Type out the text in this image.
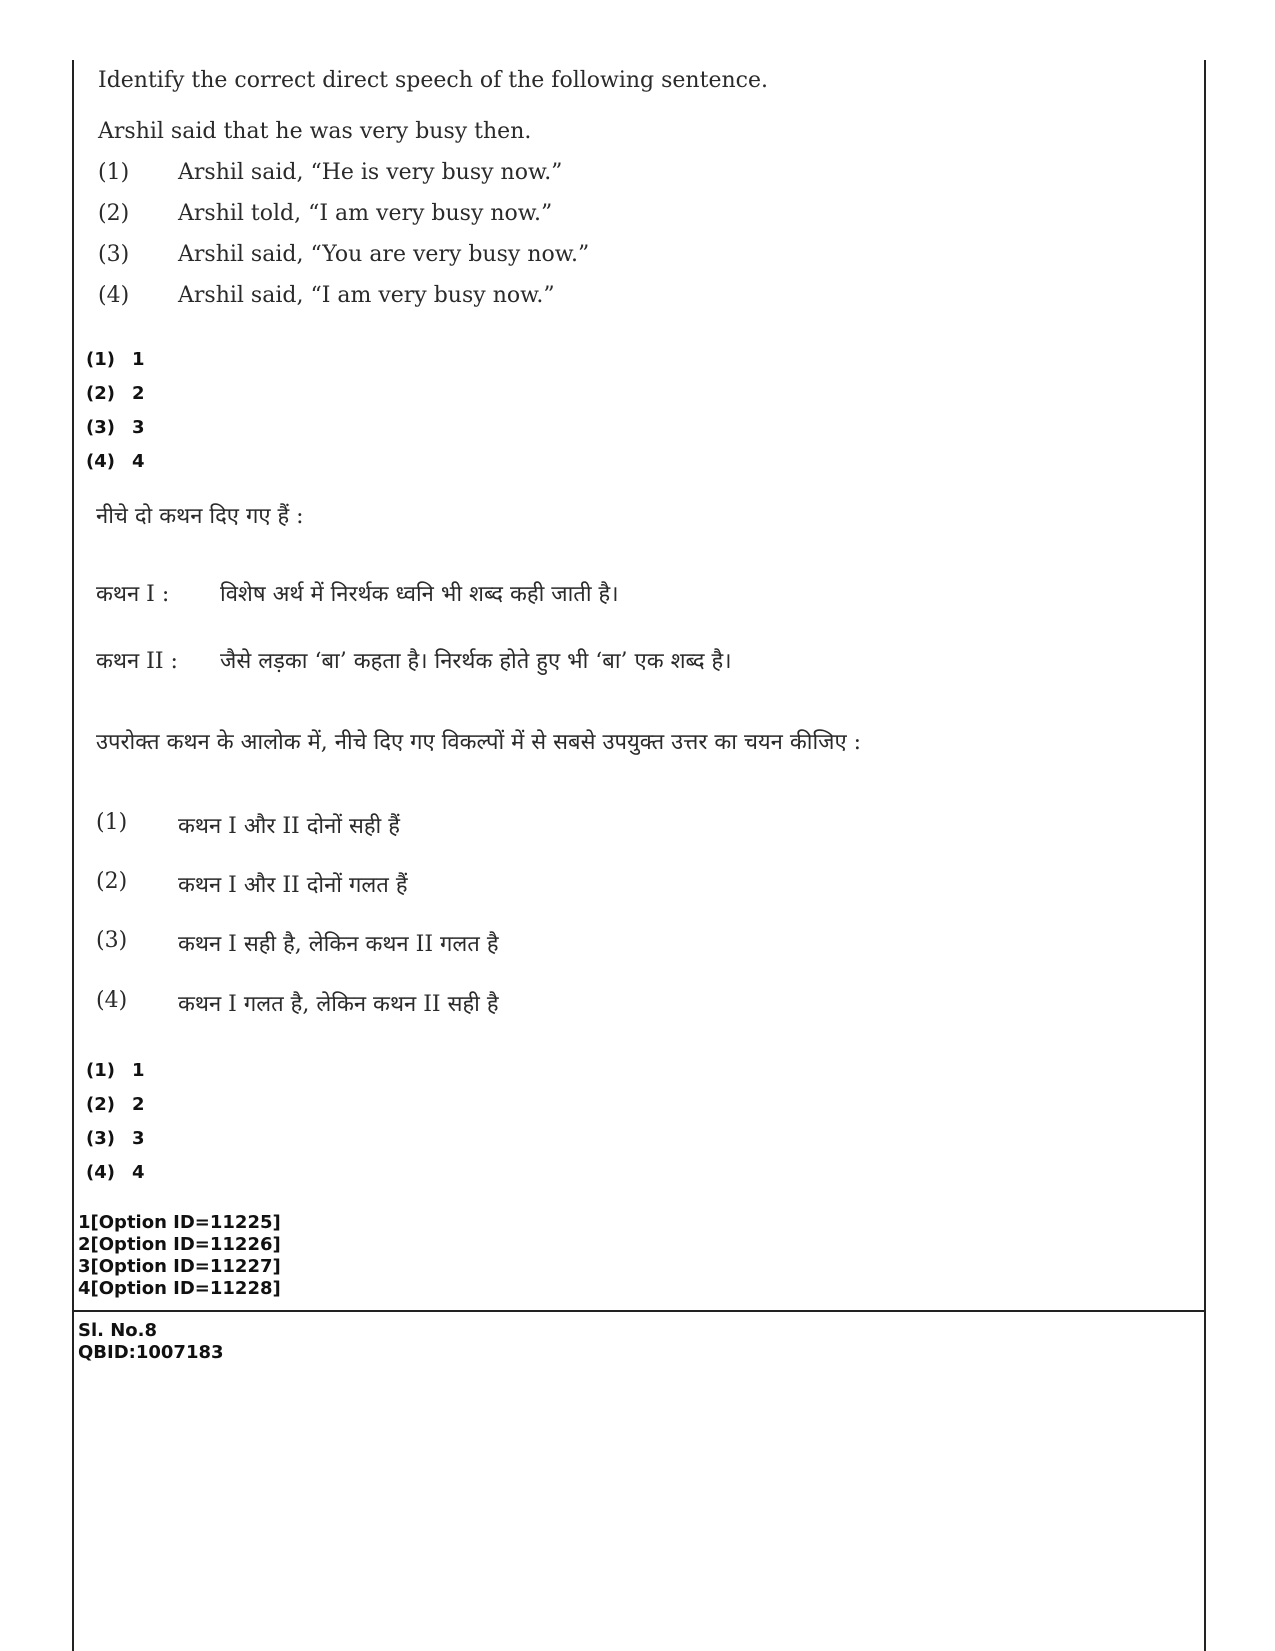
Identify the correct direct speech of the following sentence.
Arshil said that he was very busy then.
(1) Arshil said, “He is very busy now.”
(2) Arshil told, “I am very busy now.”
(3) Arshil said, “You are very busy now.”
(4) Arshil said, “I am very busy now.”
(1) 1
(2) 2
(3) 3
(4) 4
नीचे दो कथन दिए गए हैं :
कथन I : विशेष अर्थ में निरर्थक ध्वनि भी शब्द कही जाती है।
कथन II : जैसे लड़का ‘बा’ कहता है। निरर्थक होते हुए भी ‘बा’ एक शब्द है।
उपरोक्त कथन के आलोक में, नीचे दिए गए विकल्पों में से सबसे उपयुक्त उत्तर का चयन कीजिए :
(1) कथन I और II दोनों सही हैं
(2) कथन I और II दोनों गलत हैं
(3) कथन I सही है, लेकिन कथन II गलत है
(4) कथन I गलत है, लेकिन कथन II सही है
(1) 1
(2) 2
(3) 3
(4) 4
1[Option ID=11225]
2[Option ID=11226]
3[Option ID=11227]
4[Option ID=11228]
Sl. No.8
QBID:1007183
